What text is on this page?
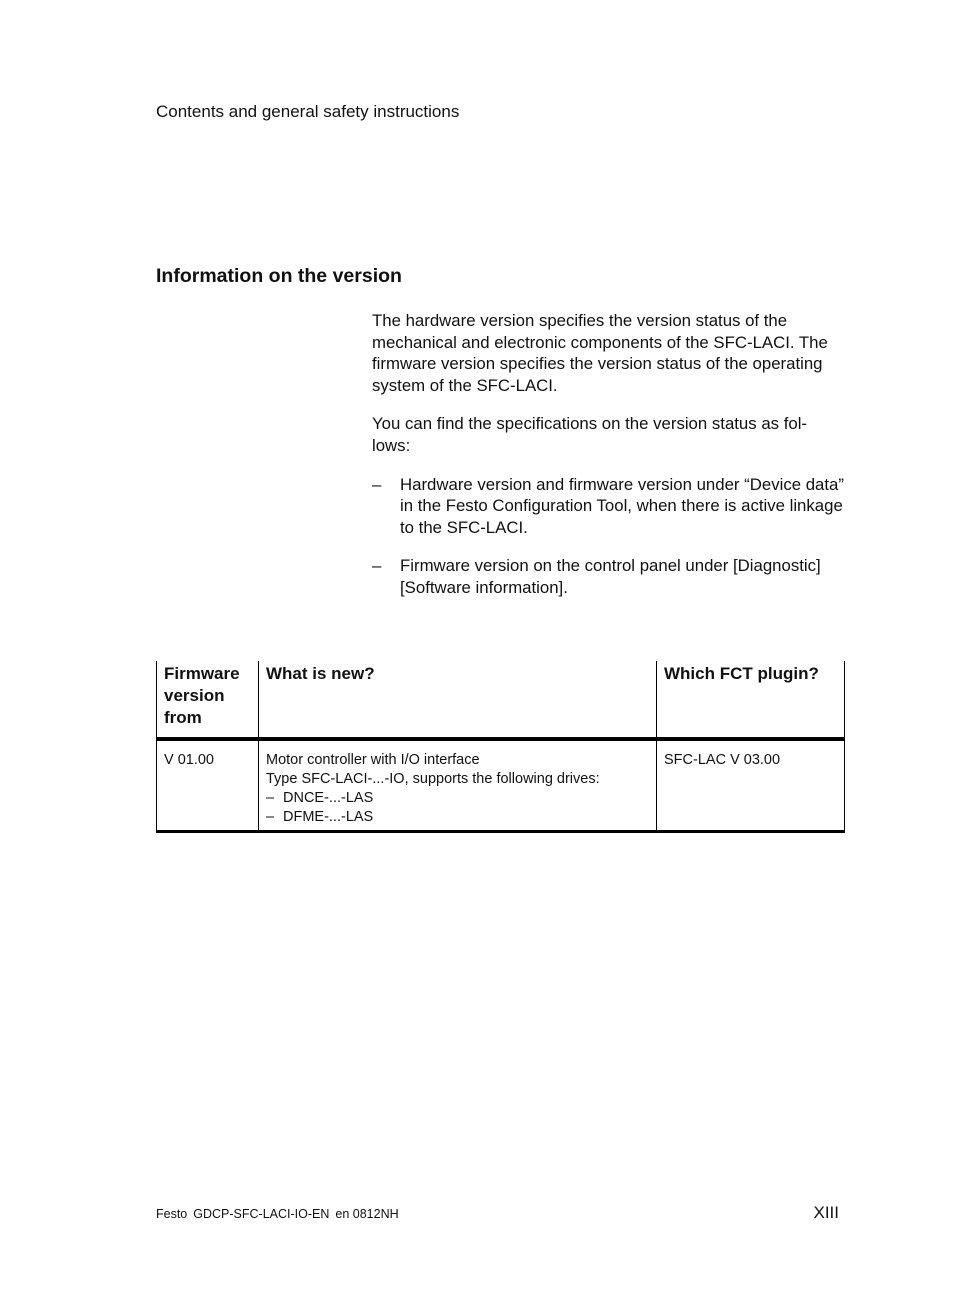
Contents and general safety instructions
Information on the version

The hardware version specifies the version status of the mechanical and electronic components of the SFC-LACI. The firmware version specifies the version status of the operating system of the SFC-LACI.

You can find the specifications on the version status as fol- lows:

– Hardware version and firmware version under “Device data” in the Festo Configuration Tool, when there is active linkage to the SFC-LACI.
– Firmware version on the control panel under [Diagnostic] [Software information].
Firmware version from	What is new?	Which FCT plugin?
V 01.00	Motor controller with I/O interface
Type SFC-LACI-...-IO, supports the following drives:
– DNCE-...-LAS
– DFME-...-LAS	SFC-LAC V 03.00
Festo GDCP-SFC-LACI-IO-EN en 0812NH	XIII
